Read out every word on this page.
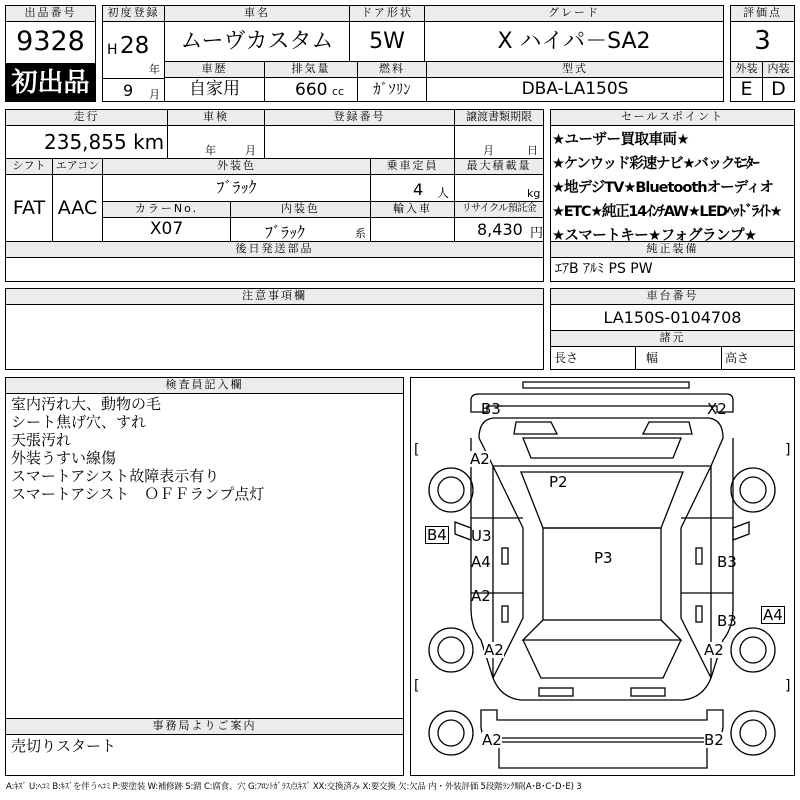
出品番号
9328
初出品
初度登録
H 28
年
9 月
車名
ムーヴカスタム
ドア形状
5W
グレード
X ハイパ－SA2
評価点
3
車歴
自家用
排気量
660 cc
燃料
ｶﾞｿﾘﾝ
型式
DBA-LA150S
外装 内装
E D
走行
235,855 km
車検
年	月
登録番号	譲渡書類期限
月	日
シフト
FAT
エアコン
AAC
外装色
ﾌﾞﾗｯｸ
乗車定員
4 人
最大積載量
kg
カラーNo.
X07
内装色
ﾌﾞﾗｯｸ	系
輸入車	リサイクル預託金
8,430 円
後日発送部品
セールスポイント
★ユーザー買取車両★
★ケンウッド彩速ナビ★バックﾓﾆﾀｰ
★地デジTV★Bluetoothオーディオ
★ETC★純正14ｲﾝﾁAW★LEDﾍｯﾄﾞﾗｲﾄ★
★スマートキー★フォグランプ★
純正装備
ｴｱB ｱﾙﾐ PS PW
注意事項欄	車台番号
LA150S-0104708
諸元
長さ	幅	高さ
検査員記入欄
室内汚れ大、動物の毛
シート焦げ穴、すれ
天張汚れ
外装うすい線傷
スマートアシスト故障表示有り
スマートアシスト　ＯＦＦランプ点灯
事務局よりご案内
売切りスタート
[	]
[	]
B3	X2
A2
P2
B4 U3
A4	P3	B3
A2
B3 A4
A2	A2
A2	B2
A:ｷｽﾞ U:ﾍｺﾐ B:ｷｽﾞを伴うﾍｺﾐ P:要塗装 W:補修跡 S:錆 C:腐食、穴 G:ﾌﾛﾝﾄｶﾞﾗｽ点ｷｽﾞ XX:交換済み X:要交換 欠:欠品 内・外装評価 5段階ﾗﾝｸ順(A･B･C･D･E) 3
